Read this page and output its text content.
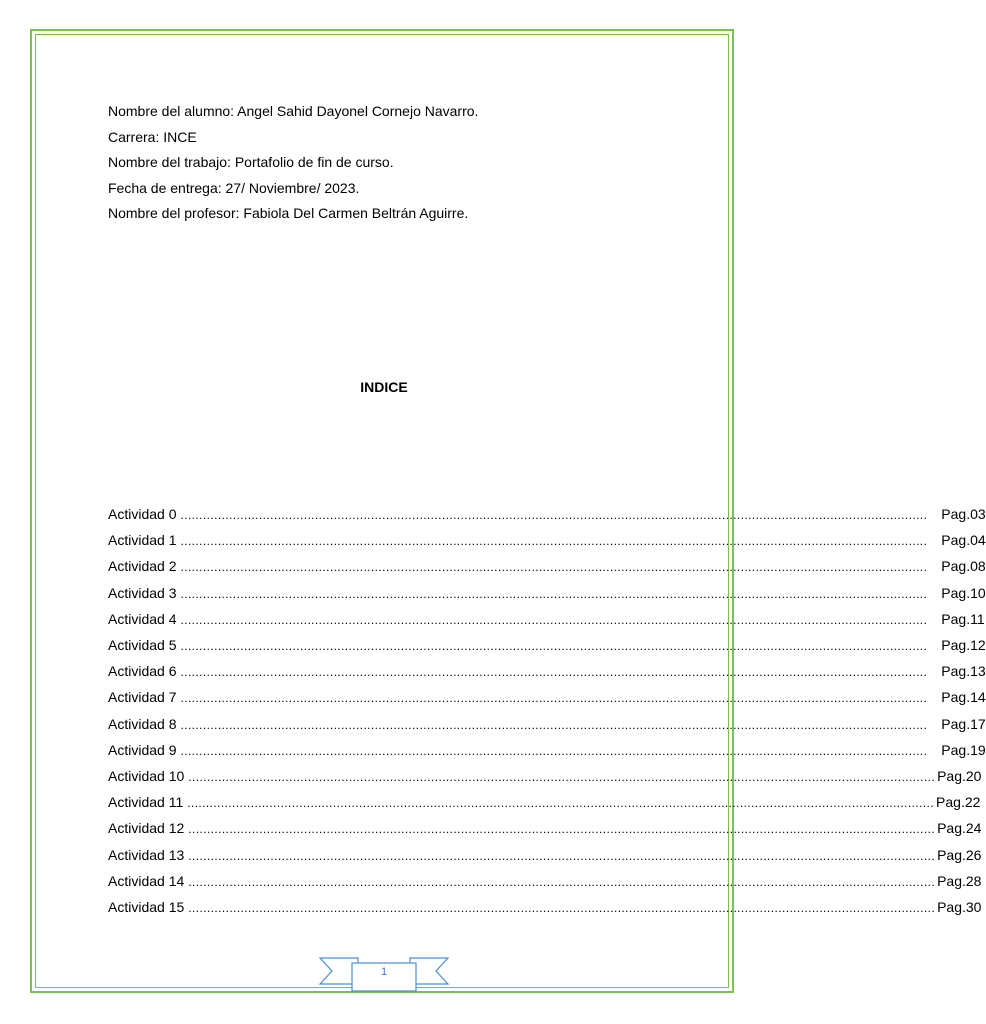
Nombre del alumno: Angel Sahid Dayonel Cornejo Navarro.
Carrera: INCE
Nombre del trabajo: Portafolio de fin de curso.
Fecha de entrega: 27/ Noviembre/ 2023.
Nombre del profesor: Fabiola Del Carmen Beltrán Aguirre.
INDICE
Actividad 0 ........................................................................................................................................................................................................ Pag.03
Actividad 1 ........................................................................................................................................................................................................ Pag.04
Actividad 2 ........................................................................................................................................................................................................ Pag.08
Actividad 3 ........................................................................................................................................................................................................ Pag.10
Actividad 4 ........................................................................................................................................................................................................ Pag.11
Actividad 5 ........................................................................................................................................................................................................ Pag.12
Actividad 6 ........................................................................................................................................................................................................ Pag.13
Actividad 7 ........................................................................................................................................................................................................ Pag.14
Actividad 8 ........................................................................................................................................................................................................ Pag.17
Actividad 9 ........................................................................................................................................................................................................ Pag.19
Actividad 10 ........................................................................................................................................................................................................ Pag.20
Actividad 11 ........................................................................................................................................................................................................ Pag.22
Actividad 12 ........................................................................................................................................................................................................ Pag.24
Actividad 13 ........................................................................................................................................................................................................ Pag.26
Actividad 14 ........................................................................................................................................................................................................ Pag.28
Actividad 15 ........................................................................................................................................................................................................ Pag.30
1
